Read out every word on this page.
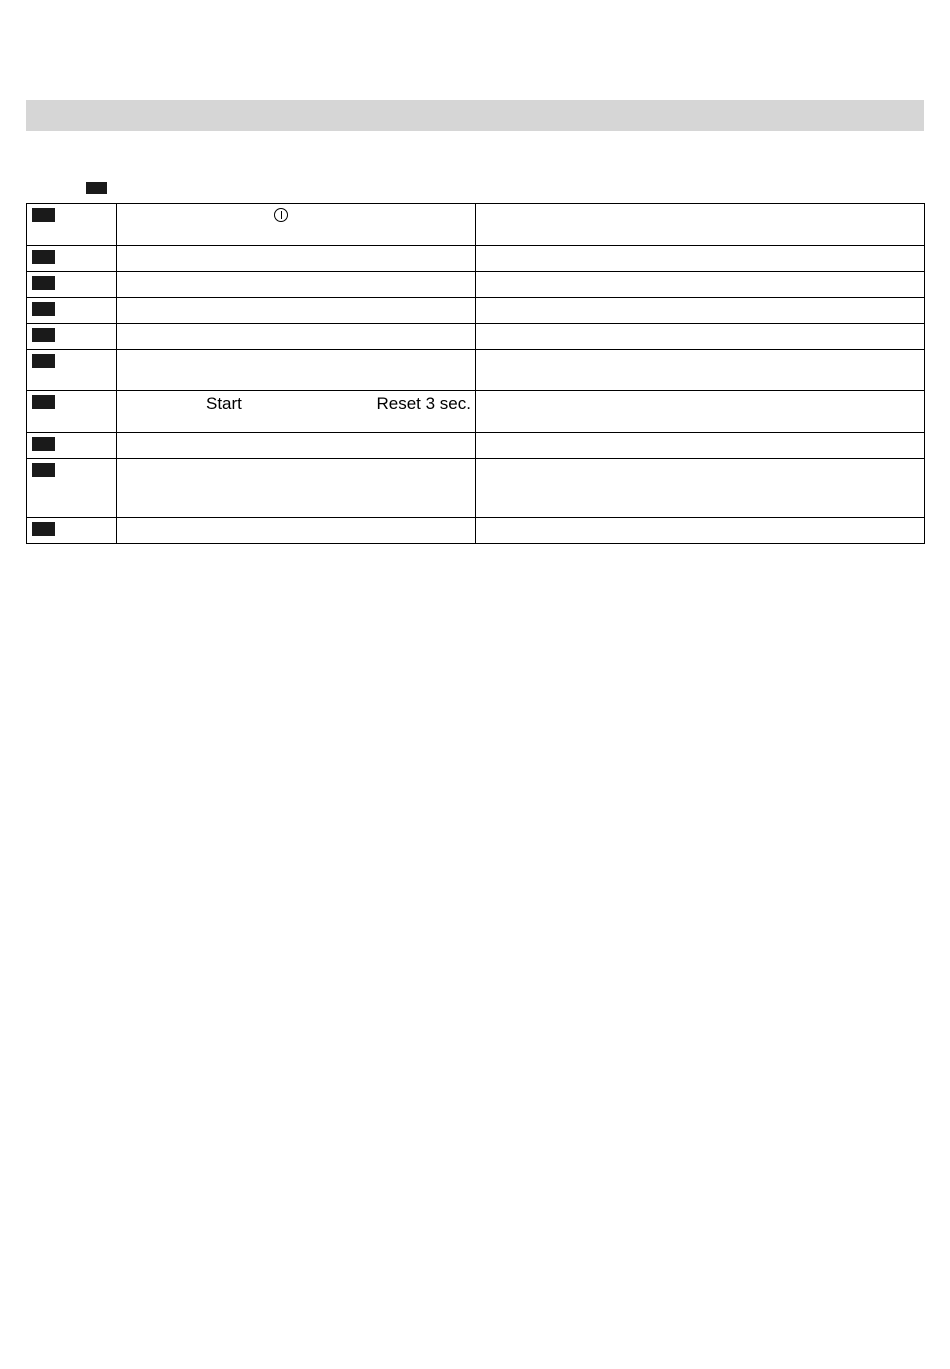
	Start Reset 3 sec.	
